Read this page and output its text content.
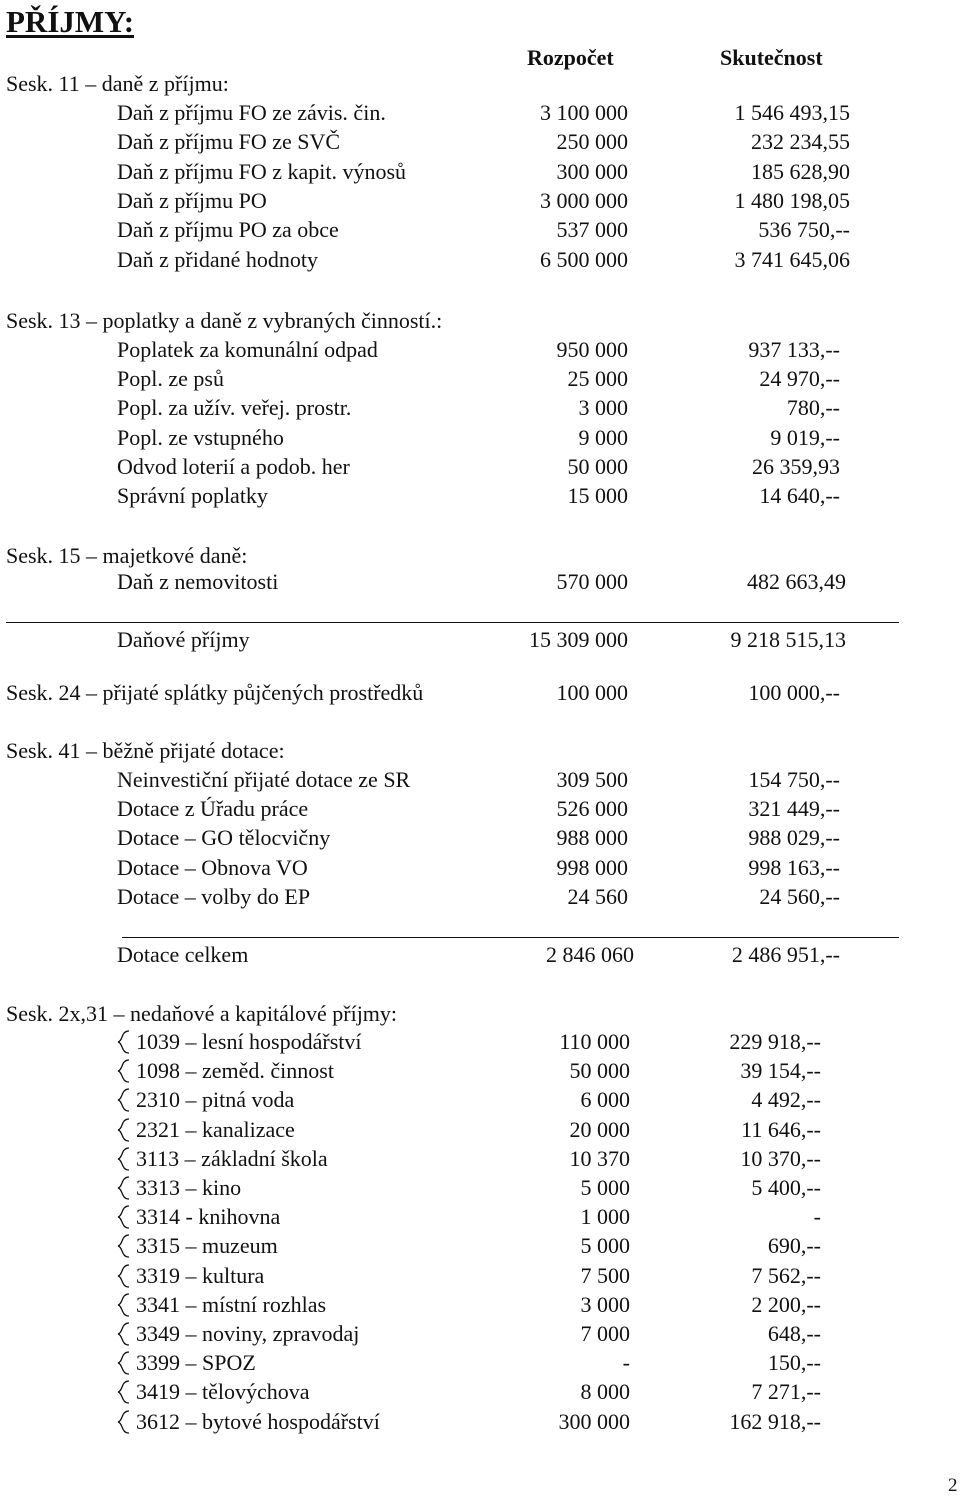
PŘÍJMY:
Rozpočet	Skutečnost
Sesk. 11 – daně z příjmu:
Daň z příjmu FO ze závis. čin.	3 100 000	1 546 493,15
Daň z příjmu FO ze SVČ	250 000	232 234,55
Daň z příjmu FO z kapit. výnosů	300 000	185 628,90
Daň z příjmu PO	3 000 000	1 480 198,05
Daň z příjmu PO za obce	537 000	536 750,--
Daň z přidané hodnoty	6 500 000	3 741 645,06
Sesk. 13 – poplatky a daně z vybraných činností.:
Poplatek za komunální odpad	950 000	937 133,--
Popl. ze psů	25 000	24 970,--
Popl. za užív. veřej. prostr.	3 000	780,--
Popl. ze vstupného	9 000	9 019,--
Odvod loterií a podob. her	50 000	26 359,93
Správní poplatky	15 000	14 640,--
Sesk. 15 – majetkové daně:
Daň z nemovitosti	570 000	482 663,49
Daňové příjmy	15 309 000	9 218 515,13
Sesk. 24 – přijaté splátky půjčených prostředků	100 000	100 000,--
Sesk. 41 – běžně přijaté dotace:
Neinvestiční přijaté dotace ze SR	309 500	154 750,--
Dotace z Úřadu práce	526 000	321 449,--
Dotace – GO tělocvičny	988 000	988 029,--
Dotace – Obnova VO	998 000	998 163,--
Dotace – volby do EP	24 560	24 560,--
Dotace celkem	2 846 060	2 486 951,--
Sesk. 2x,31 – nedaňové a kapitálové příjmy:
1039 – lesní hospodářství	110 000	229 918,--
1098 – zeměd. činnost	50 000	39 154,--
2310 – pitná voda	6 000	4 492,--
2321 – kanalizace	20 000	11 646,--
3113 – základní škola	10 370	10 370,--
3313 – kino	5 000	5 400,--
3314 - knihovna	1 000	-
3315 – muzeum	5 000	690,--
3319 – kultura	7 500	7 562,--
3341 – místní rozhlas	3 000	2 200,--
3349 – noviny, zpravodaj	7 000	648,--
3399 – SPOZ	-	150,--
3419 – tělovýchova	8 000	7 271,--
3612 – bytové hospodářství	300 000	162 918,--
2
